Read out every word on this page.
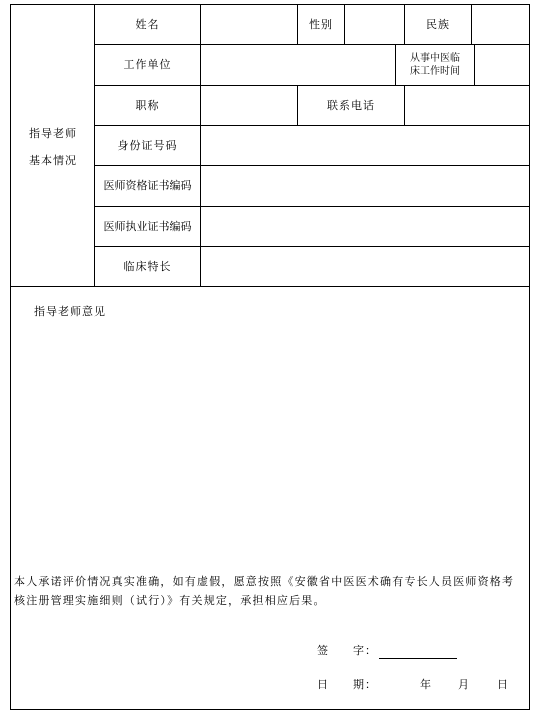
指导老师
基本情况
姓名	性别	民族
工作单位	从事中医临
床工作时间
职称	联系电话
身份证号码
医师资格证书编码
医师执业证书编码
临床特长
指导老师意见
本人承诺评价情况真实准确，如有虚假，愿意按照《安徽省中医医术确有专长人员医师资格考核注册管理实施细则（试行）》有关规定，承担相应后果。
签　　字：
日　　期：	年 月 日
